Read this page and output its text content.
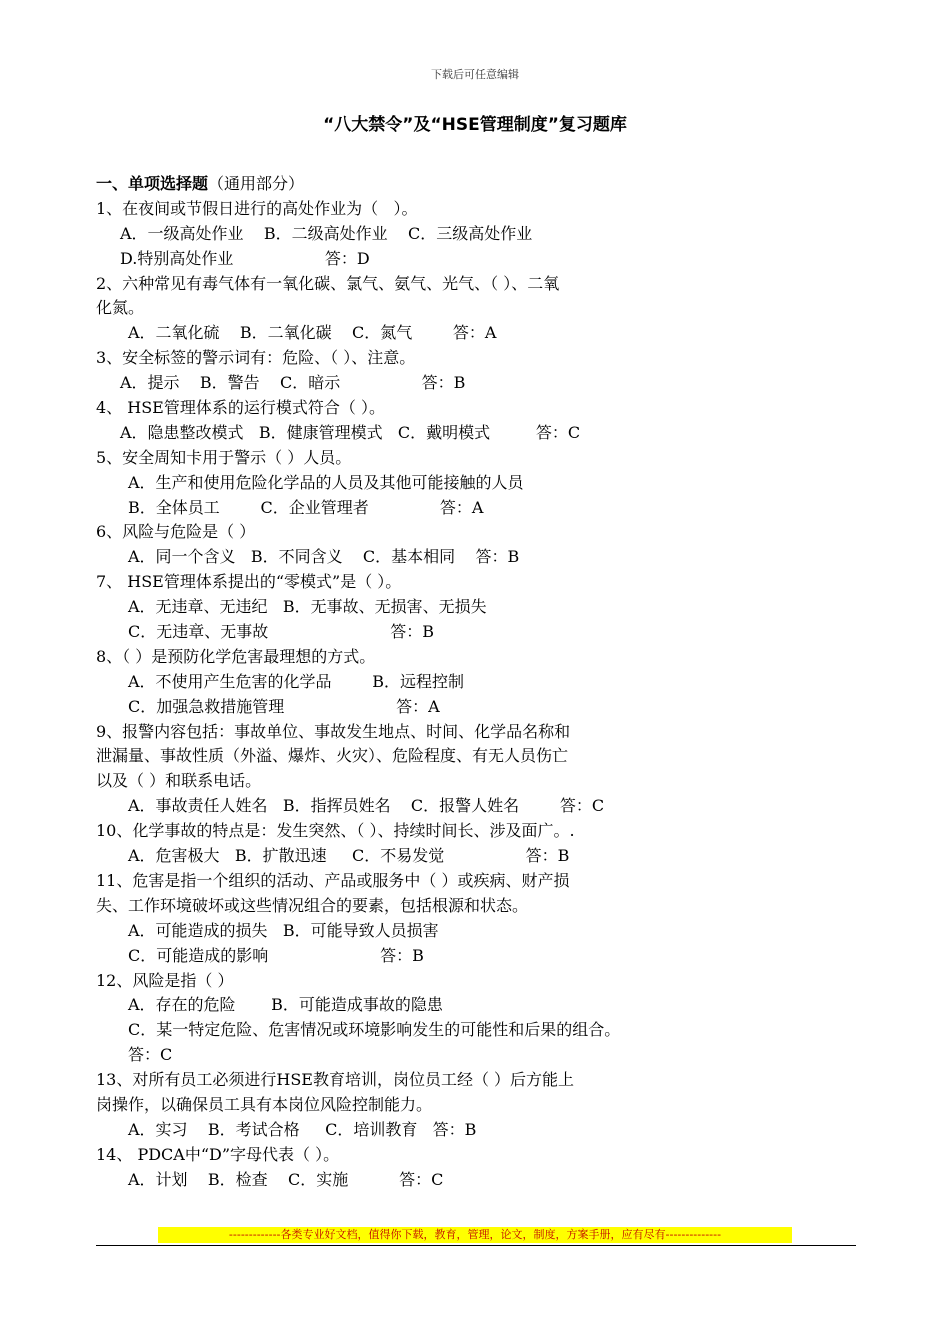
下载后可任意编辑
“八大禁令”及“HSE管理制度”复习题库
一、单项选择题（通用部分）
1、在夜间或节假日进行的高处作业为（   ）。
A．一级高处作业    B．二级高处作业    C．三级高处作业
D.特别高处作业                  答：D
2、六种常见有毒气体有一氧化碳、氯气、氨气、光气、（ ）、二氧
化氮。
A．二氧化硫    B．二氧化碳    C．氮气        答：A
3、安全标签的警示词有：危险、（ ）、注意。
A．提示    B．警告    C．暗示                答：B
4、 HSE管理体系的运行模式符合（ ）。
A．隐患整改模式   B．健康管理模式   C．戴明模式         答：C
5、安全周知卡用于警示（ ）人员。
A．生产和使用危险化学品的人员及其他可能接触的人员
B．全体员工        C．企业管理者              答：A
6、风险与危险是（ ）
A．同一个含义   B．不同含义    C．基本相同    答：B
7、 HSE管理体系提出的“零模式”是（ ）。
A．无违章、无违纪   B．无事故、无损害、无损失
C．无违章、无事故                        答：B
8、（ ）是预防化学危害最理想的方式。
A．不使用产生危害的化学品        B．远程控制
C．加强急救措施管理                      答：A
9、报警内容包括：事故单位、事故发生地点、时间、化学品名称和
泄漏量、事故性质（外溢、爆炸、火灾）、危险程度、有无人员伤亡
以及（ ）和联系电话。
A．事故责任人姓名   B．指挥员姓名    C．报警人姓名        答：C
10、化学事故的特点是：发生突然、（ ）、持续时间长、涉及面广。.
A．危害极大   B．扩散迅速     C．不易发觉                答：B
11、危害是指一个组织的活动、产品或服务中（ ）或疾病、财产损
失、工作环境破坏或这些情况组合的要素，包括根源和状态。
A．可能造成的损失   B．可能导致人员损害
C．可能造成的影响                      答：B
12、风险是指（ ）
A．存在的危险       B．可能造成事故的隐患
C．某一特定危险、危害情况或环境影响发生的可能性和后果的组合。
答：C
13、对所有员工必须进行HSE教育培训，岗位员工经（ ）后方能上
岗操作，以确保员工具有本岗位风险控制能力。
A．实习    B．考试合格     C．培训教育   答：B
14、 PDCA中“D”字母代表（ ）。
A．计划    B．检查    C．实施          答：C
-------------各类专业好文档，值得你下载，教育，管理，论文，制度，方案手册，应有尽有--------------
